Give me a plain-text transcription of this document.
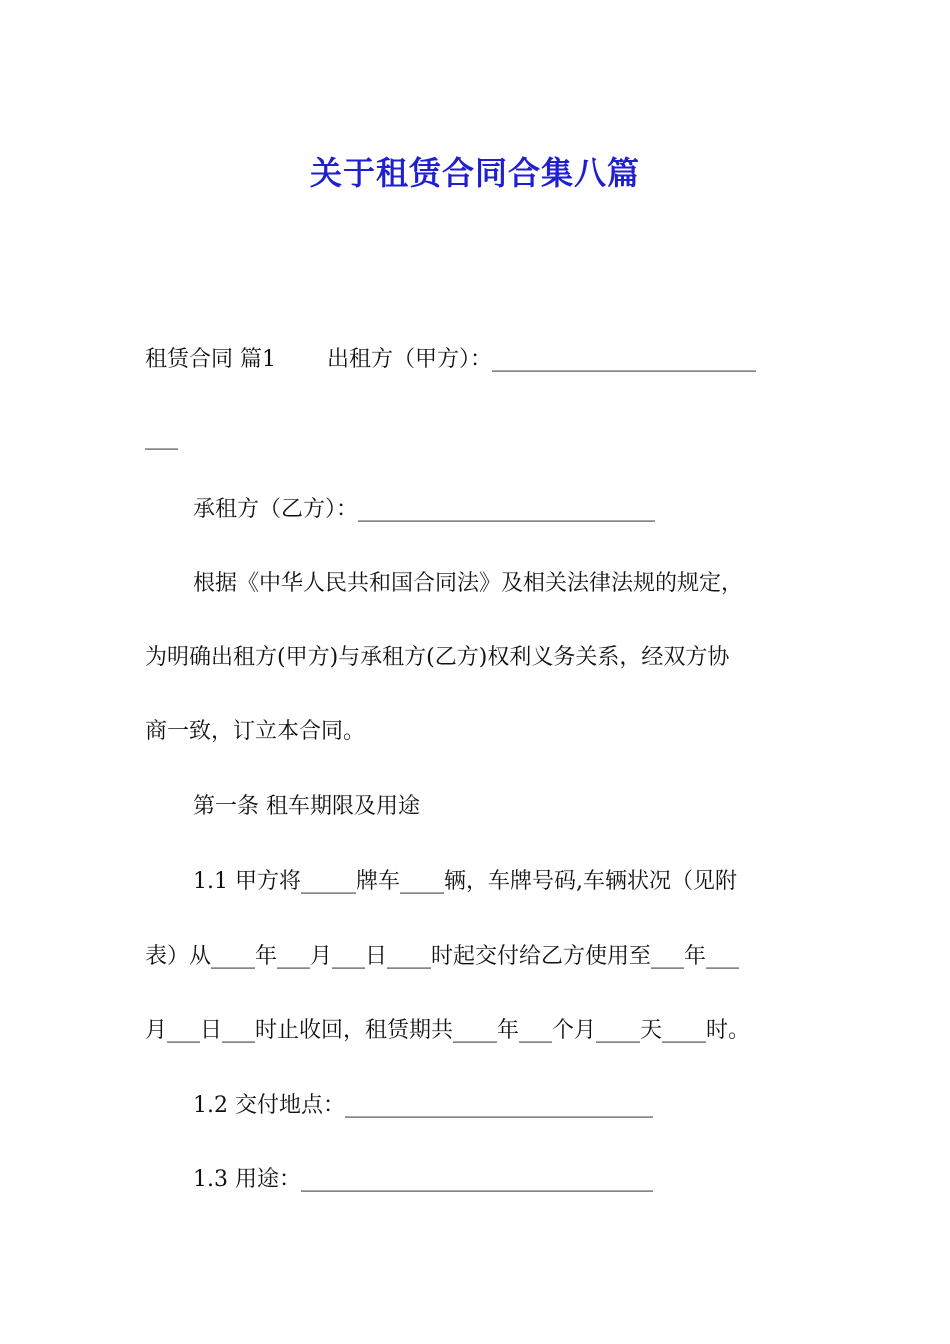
关于租赁合同合集八篇
租赁合同 篇1　　 出租方（甲方）：________________________
___
承租方（乙方）：___________________________
根据《中华人民共和国合同法》及相关法律法规的规定，
为明确出租方(甲方)与承租方(乙方)权利义务关系，经双方协
商一致，订立本合同。
第一条 租车期限及用途
1.1 甲方将_____牌车____辆，车牌号码,车辆状况（见附
表）从____年___月___日____时起交付给乙方使用至___年___
月___日___时止收回，租赁期共____年___个月____天____时。
1.2 交付地点：____________________________
1.3 用途：________________________________
